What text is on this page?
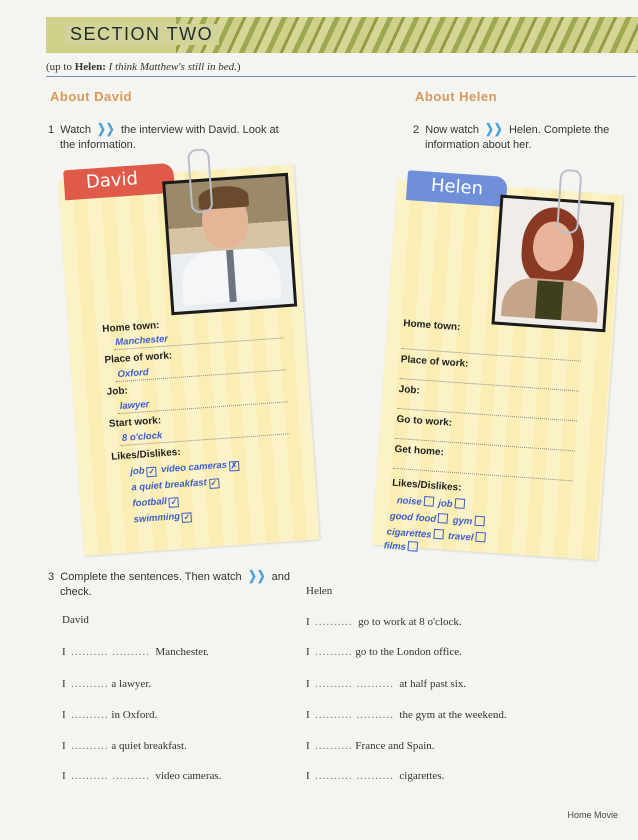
SECTION TWO
(up to Helen: I think Matthew's still in bed.)
About David
1 Watch ❯❯ the interview with David. Look at
the information.
David
Home town:
Manchester
Place of work:
Oxford
Job:
lawyer
Start work:
8 o'clock
Likes/Dislikes:
job ✓ video cameras ✗
a quiet breakfast ✓
football ✓
swimming ✓
About Helen
2 Now watch ❯❯ Helen. Complete the
information about her.
Helen
Home town:
Place of work:
Job:
Go to work:
Get home:
Likes/Dislikes:
noise job
good food gym
cigarettes travel
films
3 Complete the sentences. Then watch ❯❯ and
check.	Helen
David
I .......... .......... Manchester.
I .......... a lawyer.
I .......... in Oxford.
I .......... a quiet breakfast.
I .......... .......... video cameras.
I .......... go to work at 8 o'clock.
I .......... go to the London office.
I .......... .......... at half past six.
I .......... .......... the gym at the weekend.
I .......... France and Spain.
I .......... .......... cigarettes.
Home Movie
